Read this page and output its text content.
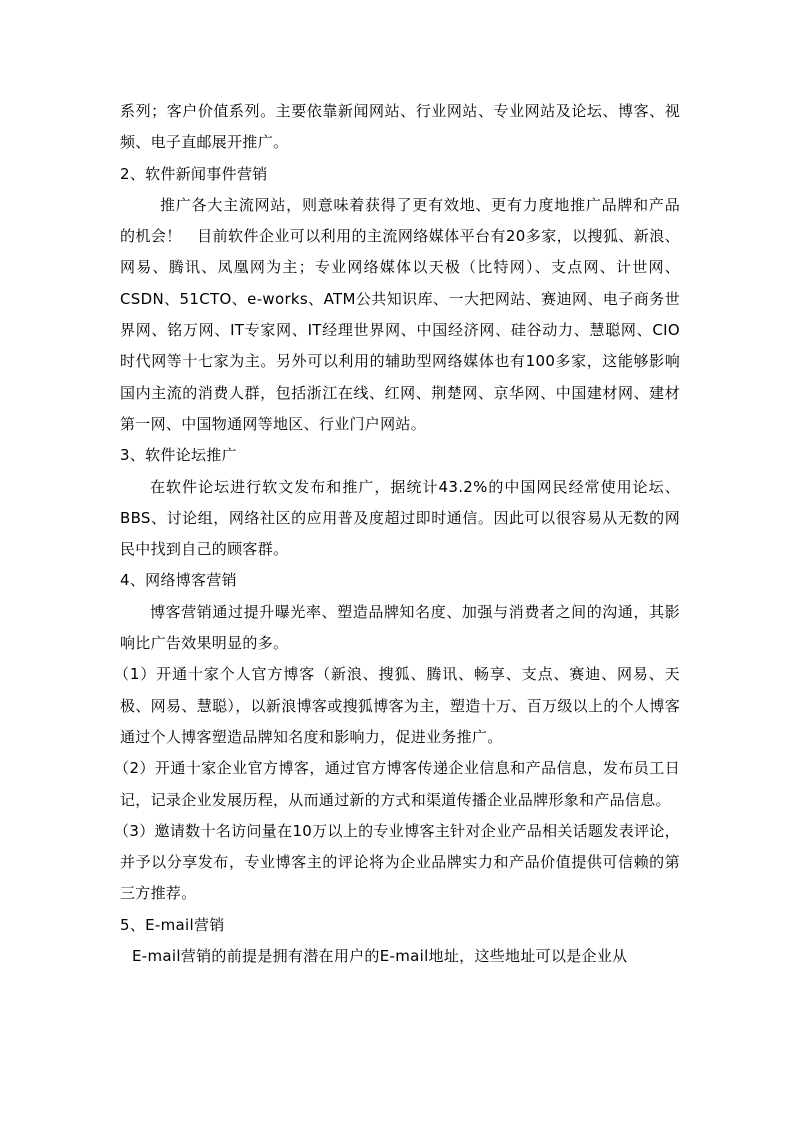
系列；客户价值系列。主要依靠新闻网站、行业网站、专业网站及论坛、博客、视频、电子直邮展开推广。

2、软件新闻事件营销

推广各大主流网站，则意味着获得了更有效地、更有力度地推广品牌和产品的机会！　目前软件企业可以利用的主流网络媒体平台有20多家，以搜狐、新浪、网易、腾讯、凤凰网为主；专业网络媒体以天极（比特网）、支点网、计世网、CSDN、51CTO、e-works、ATM公共知识库、一大把网站、赛迪网、电子商务世界网、铭万网、IT专家网、IT经理世界网、中国经济网、硅谷动力、慧聪网、CIO时代网等十七家为主。另外可以利用的辅助型网络媒体也有100多家，这能够影响国内主流的消费人群，包括浙江在线、红网、荆楚网、京华网、中国建材网、建材第一网、中国物通网等地区、行业门户网站。

3、软件论坛推广

在软件论坛进行软文发布和推广，据统计43.2%的中国网民经常使用论坛、BBS、讨论组，网络社区的应用普及度超过即时通信。因此可以很容易从无数的网民中找到自己的顾客群。

4、网络博客营销

博客营销通过提升曝光率、塑造品牌知名度、加强与消费者之间的沟通，其影响比广告效果明显的多。

（1）开通十家个人官方博客（新浪、搜狐、腾讯、畅享、支点、赛迪、网易、天极、网易、慧聪），以新浪博客或搜狐博客为主，塑造十万、百万级以上的个人博客通过个人博客塑造品牌知名度和影响力，促进业务推广。

（2）开通十家企业官方博客，通过官方博客传递企业信息和产品信息，发布员工日记，记录企业发展历程，从而通过新的方式和渠道传播企业品牌形象和产品信息。

（3）邀请数十名访问量在10万以上的专业博客主针对企业产品相关话题发表评论，并予以分享发布，专业博客主的评论将为企业品牌实力和产品价值提供可信赖的第三方推荐。

5、E-mail营销

E-mail营销的前提是拥有潜在用户的E-mail地址，这些地址可以是企业从
